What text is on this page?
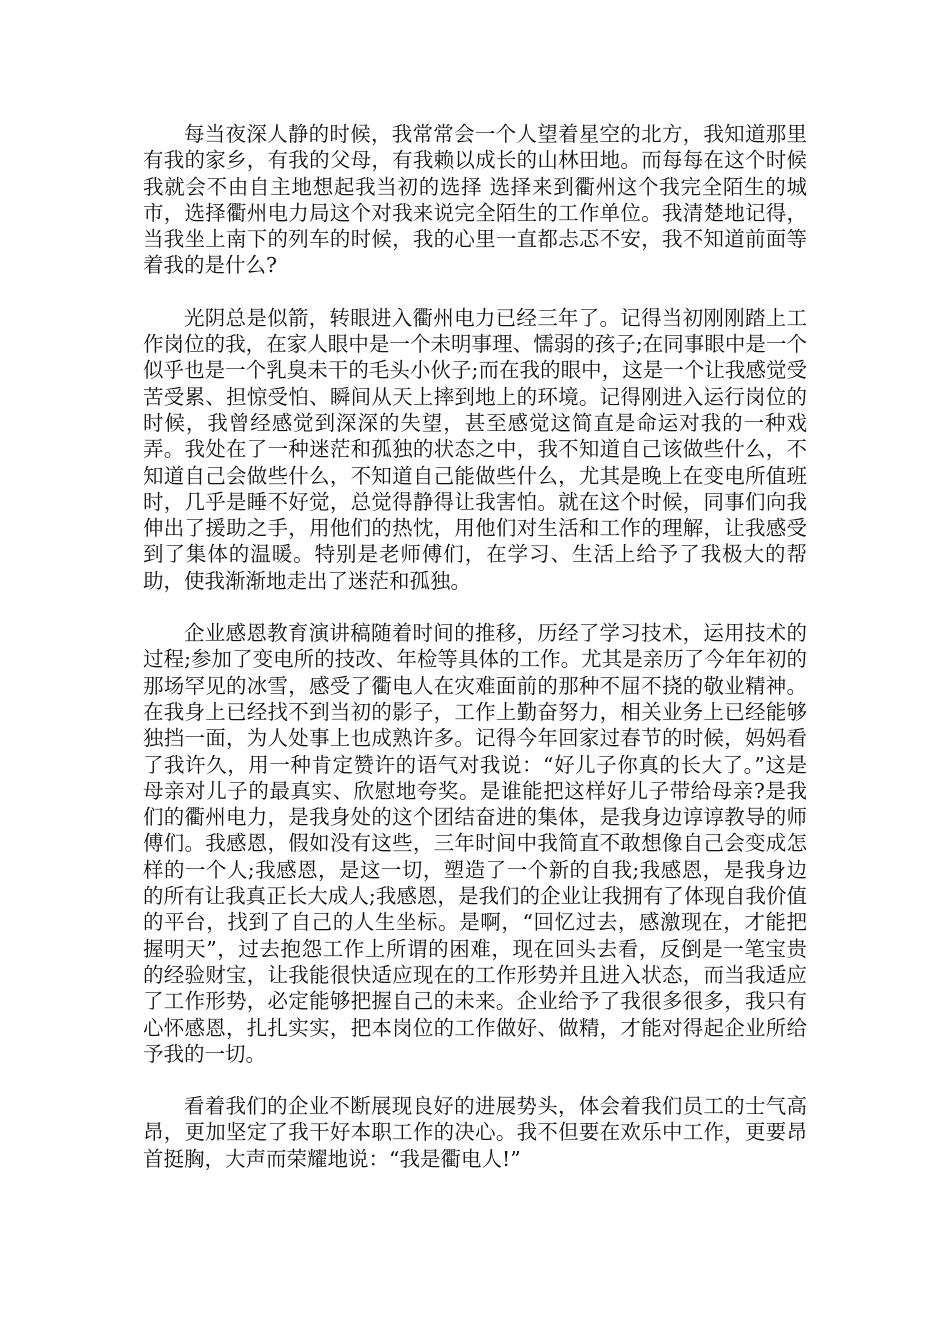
每当夜深人静的时候，我常常会一个人望着星空的北方，我知道那里有我的家乡，有我的父母，有我赖以成长的山林田地。而每每在这个时候我就会不由自主地想起我当初的选择 选择来到衢州这个我完全陌生的城市，选择衢州电力局这个对我来说完全陌生的工作单位。我清楚地记得，当我坐上南下的列车的时候，我的心里一直都忐忑不安，我不知道前面等着我的是什么?

光阴总是似箭，转眼进入衢州电力已经三年了。记得当初刚刚踏上工作岗位的我，在家人眼中是一个未明事理、懦弱的孩子;在同事眼中是一个似乎也是一个乳臭未干的毛头小伙子;而在我的眼中，这是一个让我感觉受苦受累、担惊受怕、瞬间从天上摔到地上的环境。记得刚进入运行岗位的时候，我曾经感觉到深深的失望，甚至感觉这简直是命运对我的一种戏弄。我处在了一种迷茫和孤独的状态之中，我不知道自己该做些什么，不知道自己会做些什么，不知道自己能做些什么，尤其是晚上在变电所值班时，几乎是睡不好觉，总觉得静得让我害怕。就在这个时候，同事们向我伸出了援助之手，用他们的热忱，用他们对生活和工作的理解，让我感受到了集体的温暖。特别是老师傅们，在学习、生活上给予了我极大的帮助，使我渐渐地走出了迷茫和孤独。

企业感恩教育演讲稿随着时间的推移，历经了学习技术，运用技术的过程;参加了变电所的技改、年检等具体的工作。尤其是亲历了今年年初的那场罕见的冰雪，感受了衢电人在灾难面前的那种不屈不挠的敬业精神。在我身上已经找不到当初的影子，工作上勤奋努力，相关业务上已经能够独挡一面，为人处事上也成熟许多。记得今年回家过春节的时候，妈妈看了我许久，用一种肯定赞许的语气对我说：“好儿子你真的长大了。”这是母亲对儿子的最真实、欣慰地夸奖。是谁能把这样好儿子带给母亲?是我们的衢州电力，是我身处的这个团结奋进的集体，是我身边谆谆教导的师傅们。我感恩，假如没有这些，三年时间中我简直不敢想像自己会变成怎样的一个人;我感恩，是这一切，塑造了一个新的自我;我感恩，是我身边的所有让我真正长大成人;我感恩，是我们的企业让我拥有了体现自我价值的平台，找到了自己的人生坐标。是啊，“回忆过去，感激现在，才能把握明天”，过去抱怨工作上所谓的困难，现在回头去看，反倒是一笔宝贵的经验财宝，让我能很快适应现在的工作形势并且进入状态，而当我适应了工作形势，必定能够把握自己的未来。企业给予了我很多很多，我只有心怀感恩，扎扎实实，把本岗位的工作做好、做精，才能对得起企业所给予我的一切。

看着我们的企业不断展现良好的进展势头，体会着我们员工的士气高昂，更加坚定了我干好本职工作的决心。我不但要在欢乐中工作，更要昂首挺胸，大声而荣耀地说：“我是衢电人!”
